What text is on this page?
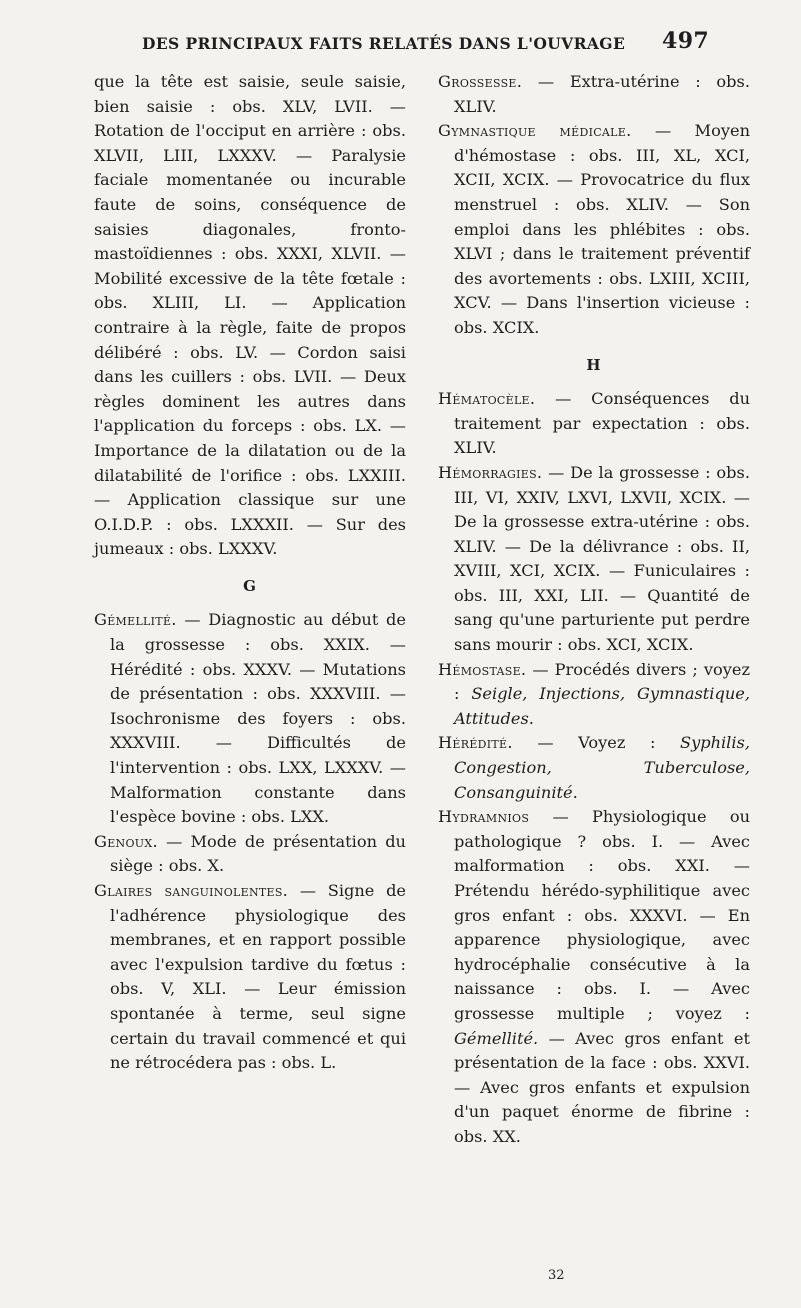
DES PRINCIPAUX FAITS RELATÉS DANS L'OUVRAGE 497

que la tête est saisie, seule saisie, bien saisie : obs. XLV, LVII. — Rotation de l'occiput en arrière : obs. XLVII, LIII, LXXXV. — Paralysie faciale momentanée ou incurable faute de soins, conséquence de saisies diagonales, fronto-mastoïdiennes : obs. XXXI, XLVII. — Mobilité excessive de la tête fœtale : obs. XLIII, LI. — Application contraire à la règle, faite de propos délibéré : obs. LV. — Cordon saisi dans les cuillers : obs. LVII. — Deux règles dominent les autres dans l'application du forceps : obs. LX. — Importance de la dilatation ou de la dilatabilité de l'orifice : obs. LXXIII. — Application classique sur une O.I.D.P. : obs. LXXXII. — Sur des jumeaux : obs. LXXXV.

G

Gémellité. — Diagnostic au début de la grossesse : obs. XXIX. — Hérédité : obs. XXXV. — Mutations de présentation : obs. XXXVIII. — Isochronisme des foyers : obs. XXXVIII. — Difficultés de l'intervention : obs. LXX, LXXXV. — Malformation constante dans l'espèce bovine : obs. LXX.

Genoux. — Mode de présentation du siège : obs. X.

Glaires sanguinolentes. — Signe de l'adhérence physiologique des membranes, et en rapport possible avec l'expulsion tardive du fœtus : obs. V, XLI. — Leur émission spontanée à terme, seul signe certain du travail commencé et qui ne rétrocédera pas : obs. L.

Grossesse. — Extra-utérine : obs. XLIV.

Gymnastique médicale. — Moyen d'hémostase : obs. III, XL, XCI, XCII, XCIX. — Provocatrice du flux menstruel : obs. XLIV. — Son emploi dans les phlébites : obs. XLVI ; dans le traitement préventif des avortements : obs. LXIII, XCIII, XCV. — Dans l'insertion vicieuse : obs. XCIX.

H

Hématocèle. — Conséquences du traitement par expectation : obs. XLIV.

Hémorragies. — De la grossesse : obs. III, VI, XXIV, LXVI, LXVII, XCIX. — De la grossesse extra-utérine : obs. XLIV. — De la délivrance : obs. II, XVIII, XCI, XCIX. — Funiculaires : obs. III, XXI, LII. — Quantité de sang qu'une parturiente put perdre sans mourir : obs. XCI, XCIX.

Hémostase. — Procédés divers ; voyez : Seigle, Injections, Gymnastique, Attitudes.

Hérédité. — Voyez : Syphilis, Congestion, Tuberculose, Consanguinité.

Hydramnios — Physiologique ou pathologique ? obs. I. — Avec malformation : obs. XXI. — Prétendu hérédo-syphilitique avec gros enfant : obs. XXXVI. — En apparence physiologique, avec hydrocéphalie consécutive à la naissance : obs. I. — Avec grossesse multiple ; voyez : Gémellité. — Avec gros enfant et présentation de la face : obs. XXVI. — Avec gros enfants et expulsion d'un paquet énorme de fibrine : obs. XX.

32
